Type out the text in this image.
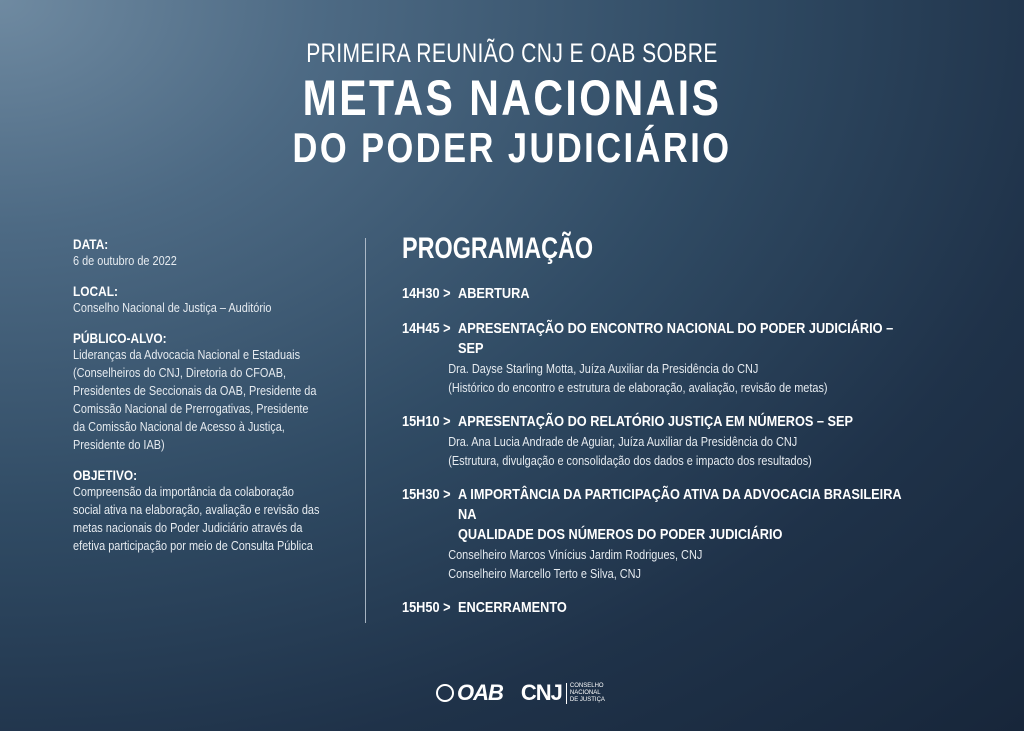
PRIMEIRA REUNIÃO CNJ E OAB SOBRE
METAS NACIONAIS
DO PODER JUDICIÁRIO
DATA:
6 de outubro de 2022
LOCAL:
Conselho Nacional de Justiça – Auditório
PÚBLICO-ALVO:
Lideranças da Advocacia Nacional e Estaduais
(Conselheiros do CNJ, Diretoria do CFOAB,
Presidentes de Seccionais da OAB, Presidente da
Comissão Nacional de Prerrogativas, Presidente
da Comissão Nacional de Acesso à Justiça,
Presidente do IAB)
OBJETIVO:
Compreensão da importância da colaboração
social ativa na elaboração, avaliação e revisão das
metas nacionais do Poder Judiciário através da
efetiva participação por meio de Consulta Pública
PROGRAMAÇÃO
14H30 > ABERTURA
14H45 > APRESENTAÇÃO DO ENCONTRO NACIONAL DO PODER JUDICIÁRIO – SEP
Dra. Dayse Starling Motta, Juíza Auxiliar da Presidência do CNJ
(Histórico do encontro e estrutura de elaboração, avaliação, revisão de metas)
15H10 > APRESENTAÇÃO DO RELATÓRIO JUSTIÇA EM NÚMEROS – SEP
Dra. Ana Lucia Andrade de Aguiar, Juíza Auxiliar da Presidência do CNJ
(Estrutura, divulgação e consolidação dos dados e impacto dos resultados)
15H30 > A IMPORTÂNCIA DA PARTICIPAÇÃO ATIVA DA ADVOCACIA BRASILEIRA NA
QUALIDADE DOS NÚMEROS DO PODER JUDICIÁRIO
Conselheiro Marcos Vinícius Jardim Rodrigues, CNJ
Conselheiro Marcello Terto e Silva, CNJ
15H50 > ENCERRAMENTO
OAB CNJ	CONSELHO
NACIONAL
DE JUSTIÇA
